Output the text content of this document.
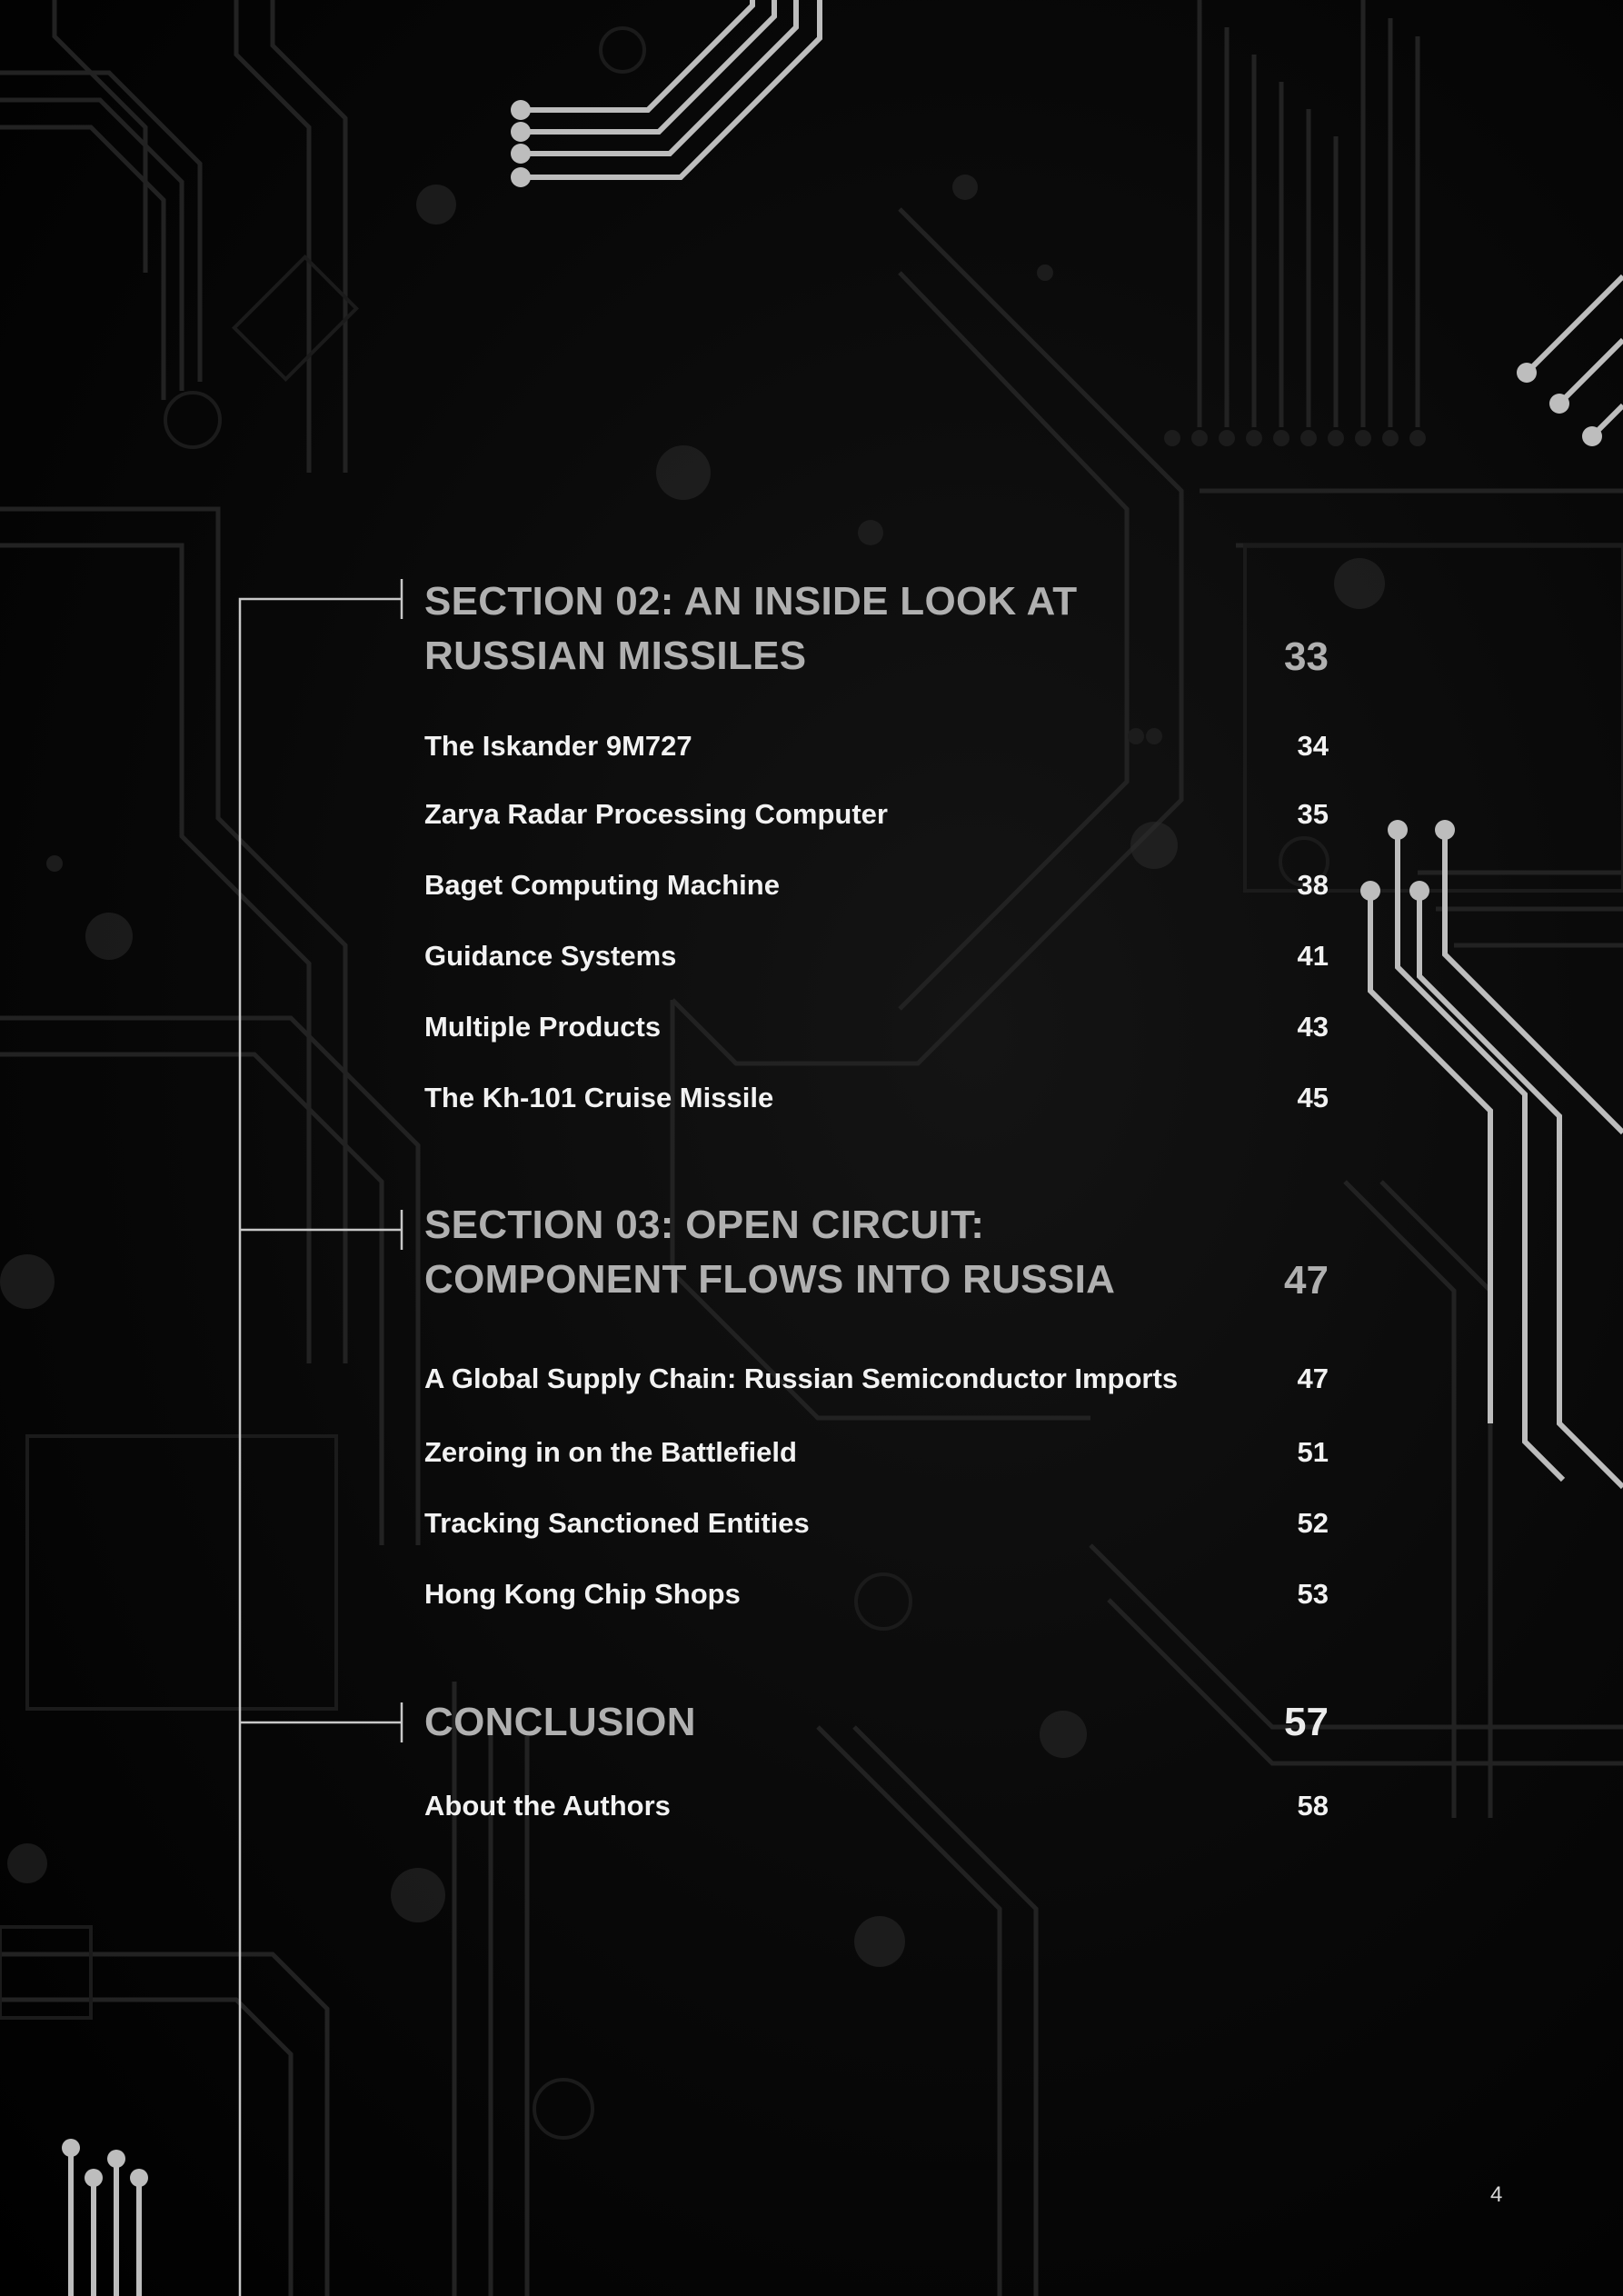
SECTION 02: AN INSIDE LOOK AT
RUSSIAN MISSILES	33
The Iskander 9M727	34
Zarya Radar Processing Computer	35
Baget Computing Machine	38
Guidance Systems	41
Multiple Products	43
The Kh-101 Cruise Missile	45
SECTION 03: OPEN CIRCUIT:
COMPONENT FLOWS INTO RUSSIA	47
A Global Supply Chain: Russian Semiconductor Imports	47
Zeroing in on the Battlefield	51
Tracking Sanctioned Entities	52
Hong Kong Chip Shops	53
CONCLUSION	57
About the Authors	58
4
